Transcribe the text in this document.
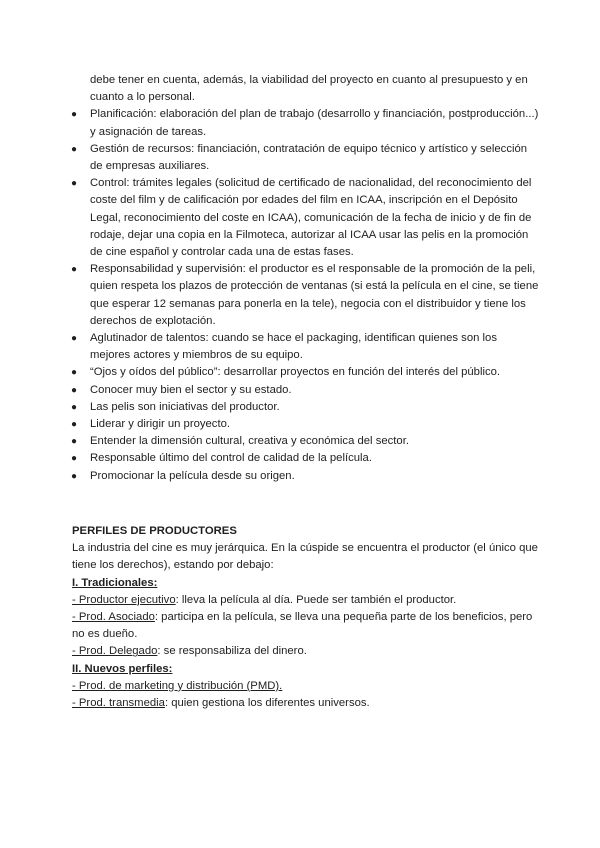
debe tener en cuenta, además, la viabilidad del proyecto en cuanto al presupuesto y en cuanto a lo personal.
● Planificación: elaboración del plan de trabajo (desarrollo y financiación, postproducción...) y asignación de tareas.
● Gestión de recursos: financiación, contratación de equipo técnico y artístico y selección de empresas auxiliares.
● Control: trámites legales (solicitud de certificado de nacionalidad, del reconocimiento del coste del film y de calificación por edades del film en ICAA, inscripción en el Depósito Legal, reconocimiento del coste en ICAA), comunicación de la fecha de inicio y de fin de rodaje, dejar una copia en la Filmoteca, autorizar al ICAA usar las pelis en la promoción de cine español y controlar cada una de estas fases.
● Responsabilidad y supervisión: el productor es el responsable de la promoción de la peli, quien respeta los plazos de protección de ventanas (si está la película en el cine, se tiene que esperar 12 semanas para ponerla en la tele), negocia con el distribuidor y tiene los derechos de explotación.
● Aglutinador de talentos: cuando se hace el packaging, identifican quienes son los mejores actores y miembros de su equipo.
● “Ojos y oídos del público”: desarrollar proyectos en función del interés del público.
● Conocer muy bien el sector y su estado.
● Las pelis son iniciativas del productor.
● Liderar y dirigir un proyecto.
● Entender la dimensión cultural, creativa y económica del sector.
● Responsable último del control de calidad de la película.
● Promocionar la película desde su origen.

PERFILES DE PRODUCTORES

La industria del cine es muy jerárquica. En la cúspide se encuentra el productor (el único que tiene los derechos), estando por debajo:

I. Tradicionales:

- Productor ejecutivo: lleva la película al día. Puede ser también el productor.

- Prod. Asociado: participa en la película, se lleva una pequeña parte de los beneficios, pero no es dueño.

- Prod. Delegado: se responsabiliza del dinero.

II. Nuevos perfiles:

- Prod. de marketing y distribución (PMD).

- Prod. transmedia: quien gestiona los diferentes universos.
